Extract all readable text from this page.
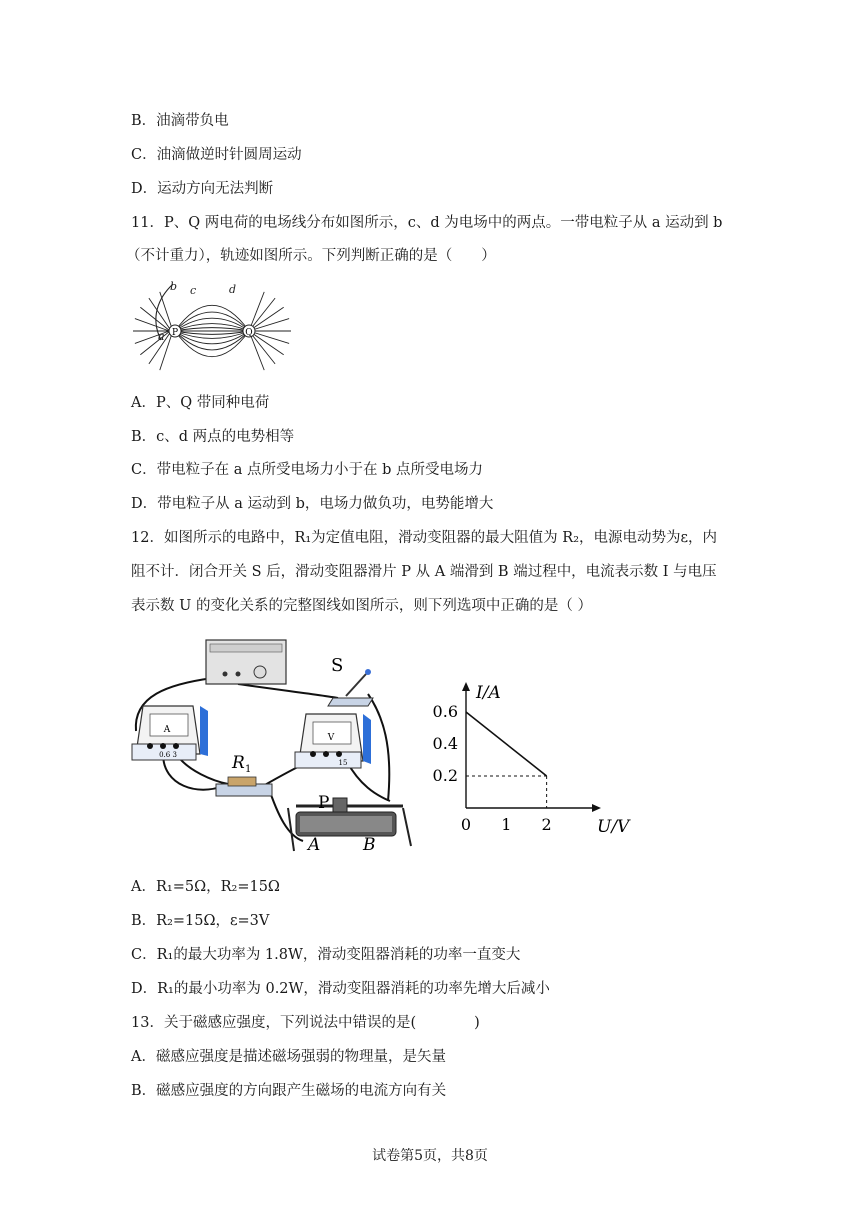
B．油滴带负电
C．油滴做逆时针圆周运动
D．运动方向无法判断
11．P、Q 两电荷的电场线分布如图所示，c、d 为电场中的两点。一带电粒子从 a 运动到 b
（不计重力），轨迹如图所示。下列判断正确的是（　　）
b c	d
a P	Q
A．P、Q 带同种电荷
B．c、d 两点的电势相等
C．带电粒子在 a 点所受电场力小于在 b 点所受电场力
D．带电粒子从 a 运动到 b，电场力做负功，电势能增大
12．如图所示的电路中，R₁为定值电阻，滑动变阻器的最大阻值为 R₂，电源电动势为ε，内
阻不计．闭合开关 S 后，滑动变阻器滑片 P 从 A 端滑到 B 端过程中，电流表示数 I 与电压
表示数 U 的变化关系的完整图线如图所示，则下列选项中正确的是（ ）
S
A
0.6 3
V
15
R 1
P
A	B
0 1 2
0.2
0.4
0.6
U/V
I/A
A．R₁=5Ω，R₂=15Ω
B．R₂=15Ω，ε=3V
C．R₁的最大功率为 1.8W，滑动变阻器消耗的功率一直变大
D．R₁的最小功率为 0.2W，滑动变阻器消耗的功率先增大后减小
13．关于磁感应强度，下列说法中错误的是(　　　　)
A．磁感应强度是描述磁场强弱的物理量，是矢量
B．磁感应强度的方向跟产生磁场的电流方向有关
试卷第5页，共8页
